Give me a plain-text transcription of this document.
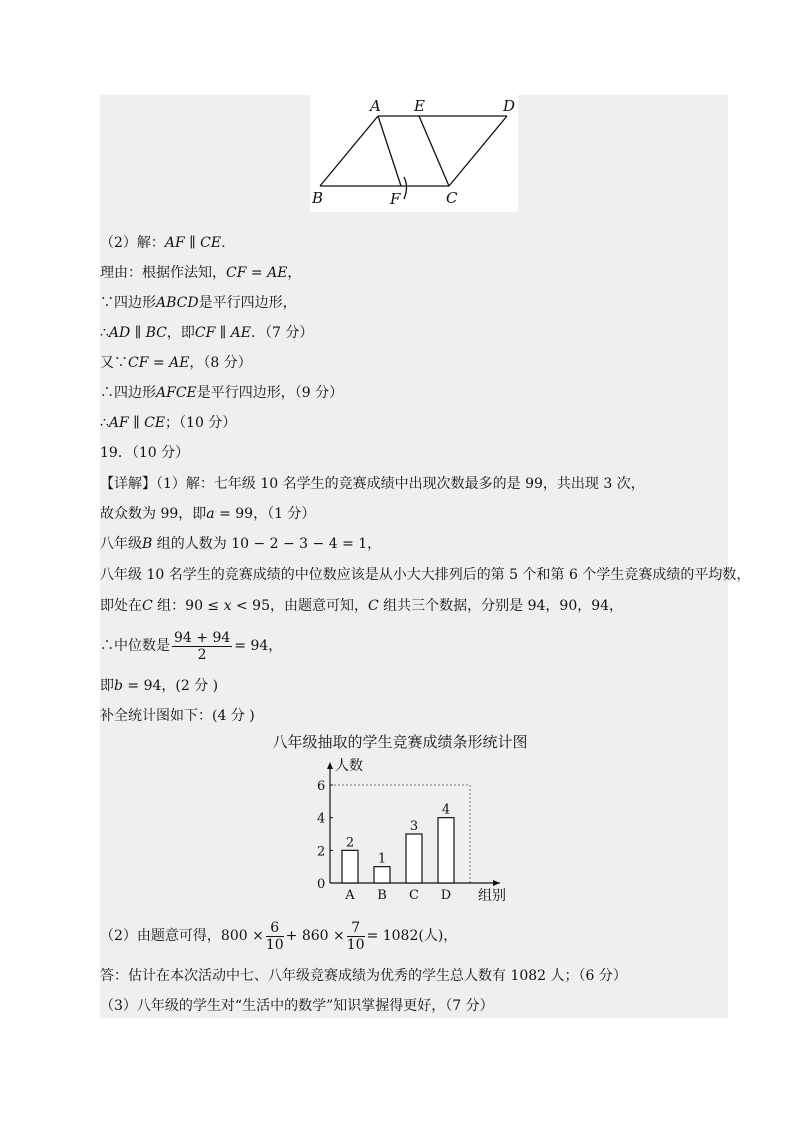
A E	D
B	F	C
（2）解：AF ∥ CE．
理由：根据作法知，CF = AE，
∵四边形ABCD是平行四边形，
∴AD ∥ BC，即CF ∥ AE．（7 分）
又∵CF = AE，（8 分）
∴四边形AFCE是平行四边形，（9 分）
∴AF ∥ CE；（10 分）
19．（10 分）
【详解】（1）解：七年级 10 名学生的竞赛成绩中出现次数最多的是 99，共出现 3 次，
故众数为 99，即a = 99，（1 分）
八年级B 组的人数为 10 − 2 − 3 − 4 = 1，
八年级 10 名学生的竞赛成绩的中位数应该是从小大大排列后的第 5 个和第 6 个学生竞赛成绩的平均数，
即处在C 组：90 ≤ x < 95，由题意可知，C 组共三个数据，分别是 94，90，94，
∴中位数是 $\frac{94 + 94}{2} = 94$，
即b = 94，(2 分 )
补全统计图如下：(4 分 )
八年级抽取的学生竞赛成绩条形统计图
0
2
4
6
人数
组别
2
A
1
B
3
C
4
D
（2）由题意可得，$800 \times \frac{6}{10} + 860 \times \frac{7}{10} = 1082$(人)，
答：估计在本次活动中七、八年级竞赛成绩为优秀的学生总人数有 1082 人；（6 分）
（3）八年级的学生对“生活中的数学”知识掌握得更好，（7 分）
